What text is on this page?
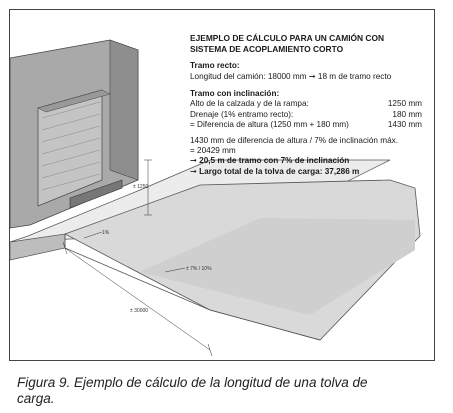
± 1250
1%
± 7% / 10%
± 30000
EJEMPLO DE CÁLCULO PARA UN CAMIÓN CON
SISTEMA DE ACOPLAMIENTO CORTO
Tramo recto:
Longitud del camión: 18000 mm ➞ 18 m de tramo recto
Tramo con inclinación:
Alto de la calzada y de la rampa:	1250 mm
Drenaje (1% entramo recto):	180 mm
= Diferencia de altura (1250 mm + 180 mm)	1430 mm
1430 mm de diferencia de altura / 7% de inclinación máx.
= 20429 mm
➞ 20,5 m de tramo con 7% de inclinación
➞ Largo total de la tolva de carga: 37,286 m
Figura 9. Ejemplo de cálculo de la longitud de una tolva de
carga.
